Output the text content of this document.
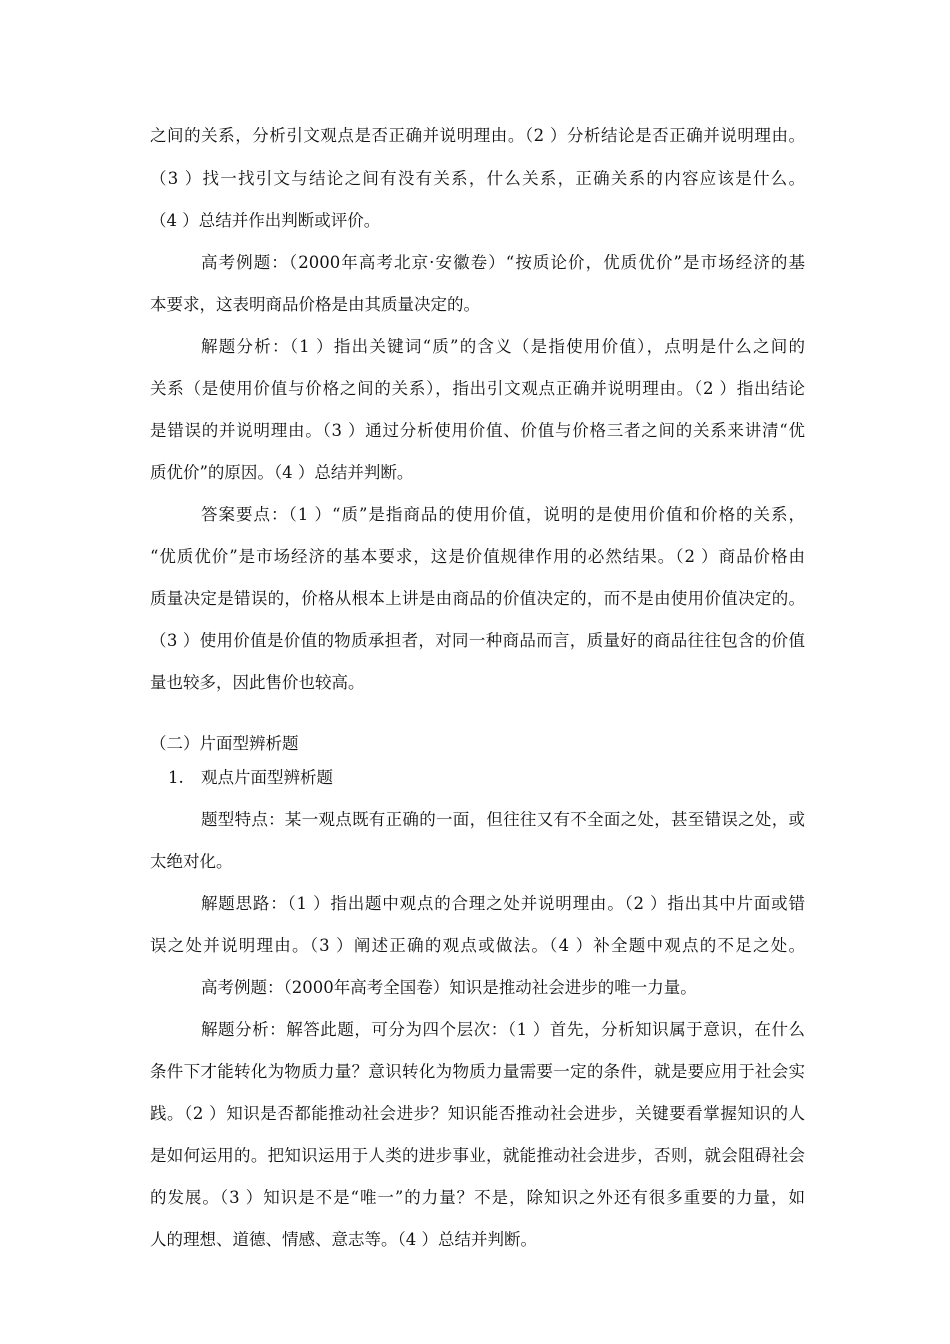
之间的关系，分析引文观点是否正确并说明理由。（2 ）分析结论是否正确并说明理由。
（3 ）找一找引文与结论之间有没有关系，什么关系，正确关系的内容应该是什么。
（4 ）总结并作出判断或评价。
高考例题：（2000年高考北京·安徽卷）“按质论价，优质优价”是市场经济的基
本要求，这表明商品价格是由其质量决定的。
解题分析：（1 ）指出关键词“质”的含义（是指使用价值），点明是什么之间的
关系（是使用价值与价格之间的关系），指出引文观点正确并说明理由。（2 ）指出结论
是错误的并说明理由。（3 ）通过分析使用价值、价值与价格三者之间的关系来讲清“优
质优价”的原因。（4 ）总结并判断。
答案要点：（1 ）“质”是指商品的使用价值，说明的是使用价值和价格的关系，
“优质优价”是市场经济的基本要求，这是价值规律作用的必然结果。（2 ）商品价格由
质量决定是错误的，价格从根本上讲是由商品的价值决定的，而不是由使用价值决定的。
（3 ）使用价值是价值的物质承担者，对同一种商品而言，质量好的商品往往包含的价值
量也较多，因此售价也较高。
（二）片面型辨析题
1.	观点片面型辨析题
题型特点：某一观点既有正确的一面，但往往又有不全面之处，甚至错误之处，或
太绝对化。
解题思路：（1 ）指出题中观点的合理之处并说明理由。（2 ）指出其中片面或错
误之处并说明理由。（3 ）阐述正确的观点或做法。（4 ）补全题中观点的不足之处。
高考例题：（2000年高考全国卷）知识是推动社会进步的唯一力量。
解题分析：解答此题，可分为四个层次：（1 ）首先，分析知识属于意识，在什么
条件下才能转化为物质力量？意识转化为物质力量需要一定的条件，就是要应用于社会实
践。（2 ）知识是否都能推动社会进步？知识能否推动社会进步，关键要看掌握知识的人
是如何运用的。把知识运用于人类的进步事业，就能推动社会进步，否则，就会阻碍社会
的发展。（3 ）知识是不是“唯一”的力量？不是，除知识之外还有很多重要的力量，如
人的理想、道德、情感、意志等。（4 ）总结并判断。
